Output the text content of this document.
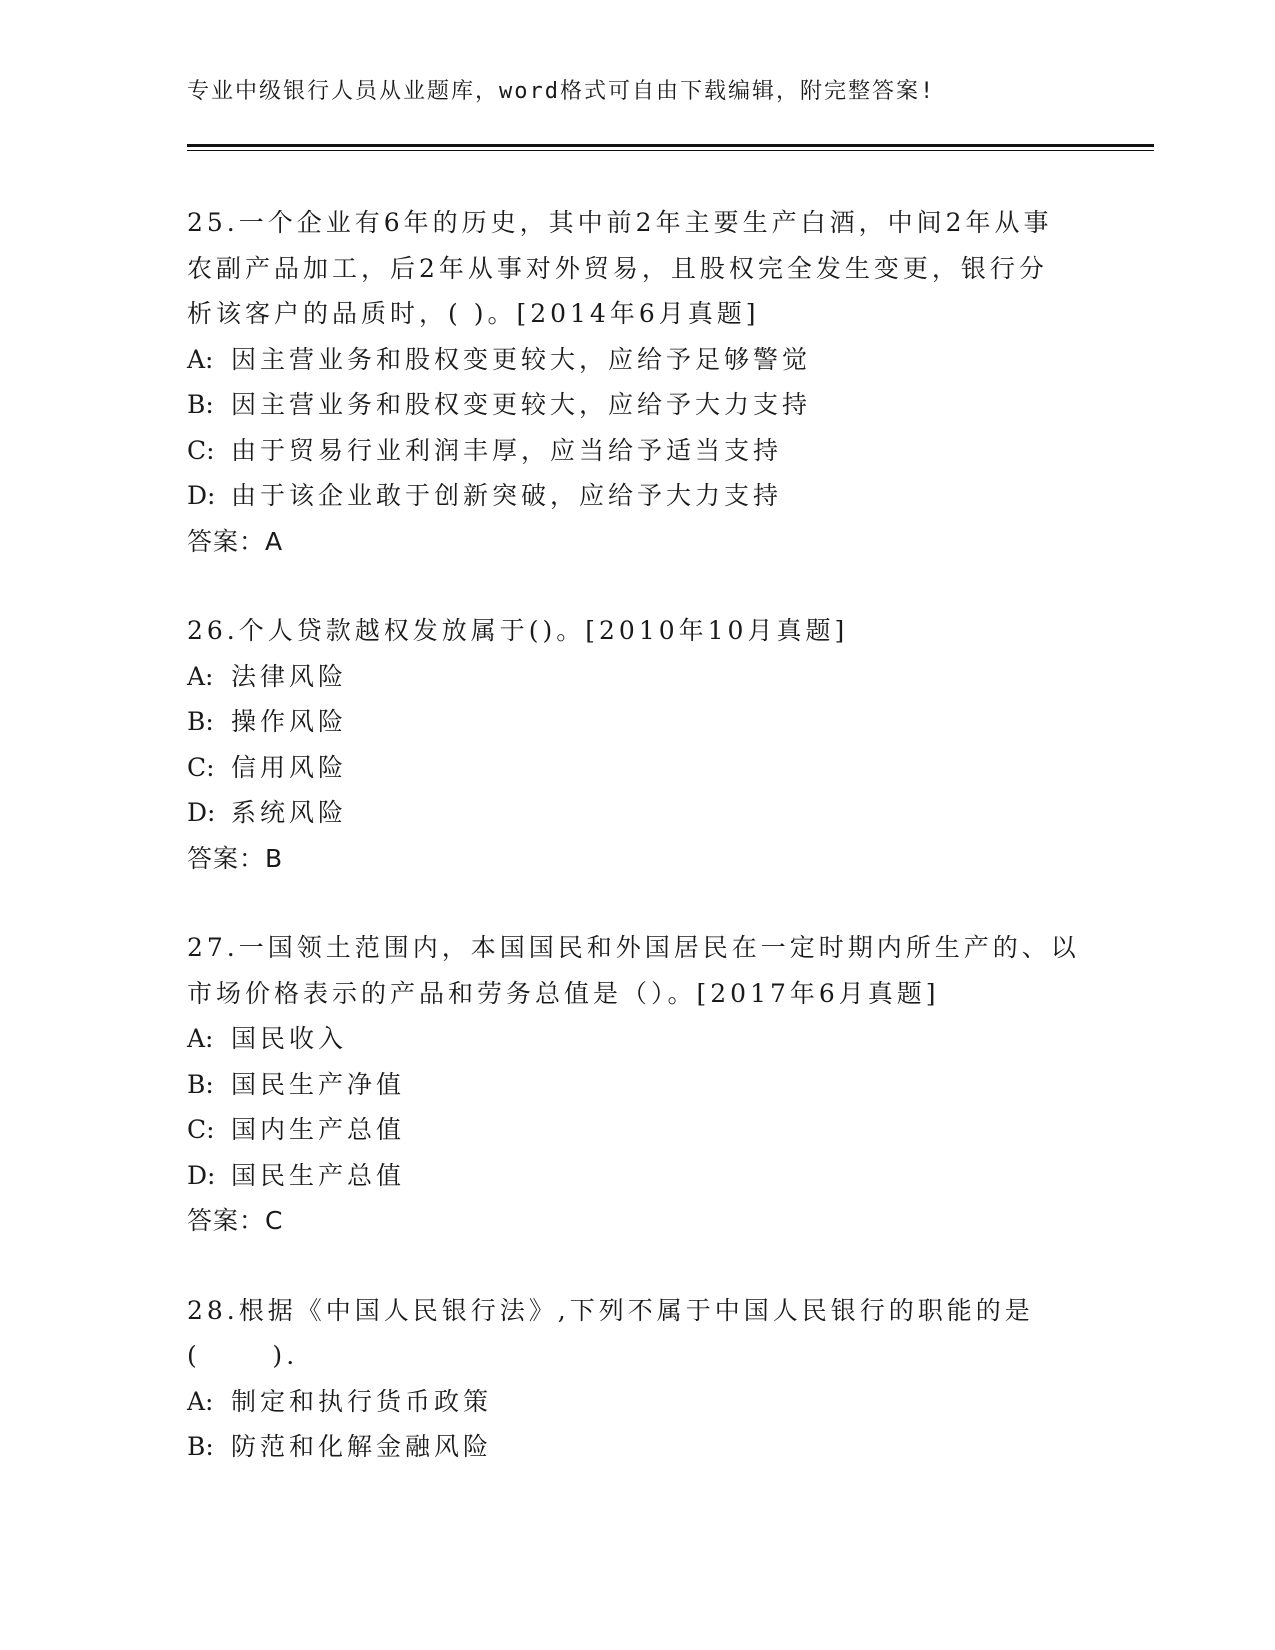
专业中级银行人员从业题库，word格式可自由下载编辑，附完整答案!
25.一个企业有6年的历史，其中前2年主要生产白酒，中间2年从事
农副产品加工，后2年从事对外贸易，且股权完全发生变更，银行分
析该客户的品质时，( )。[2014年6月真题]
A: 因主营业务和股权变更较大，应给予足够警觉
B: 因主营业务和股权变更较大，应给予大力支持
C: 由于贸易行业利润丰厚，应当给予适当支持
D: 由于该企业敢于创新突破，应给予大力支持
答案：A
26.个人贷款越权发放属于()。[2010年10月真题]
A: 法律风险
B: 操作风险
C: 信用风险
D: 系统风险
答案：B
27.一国领土范围内，本国国民和外国居民在一定时期内所生产的、以
市场价格表示的产品和劳务总值是（）。[2017年6月真题]
A: 国民收入
B: 国民生产净值
C: 国内生产总值
D: 国民生产总值
答案：C
28.根据《中国人民银行法》,下列不属于中国人民银行的职能的是
(      ).
A: 制定和执行货币政策
B: 防范和化解金融风险
